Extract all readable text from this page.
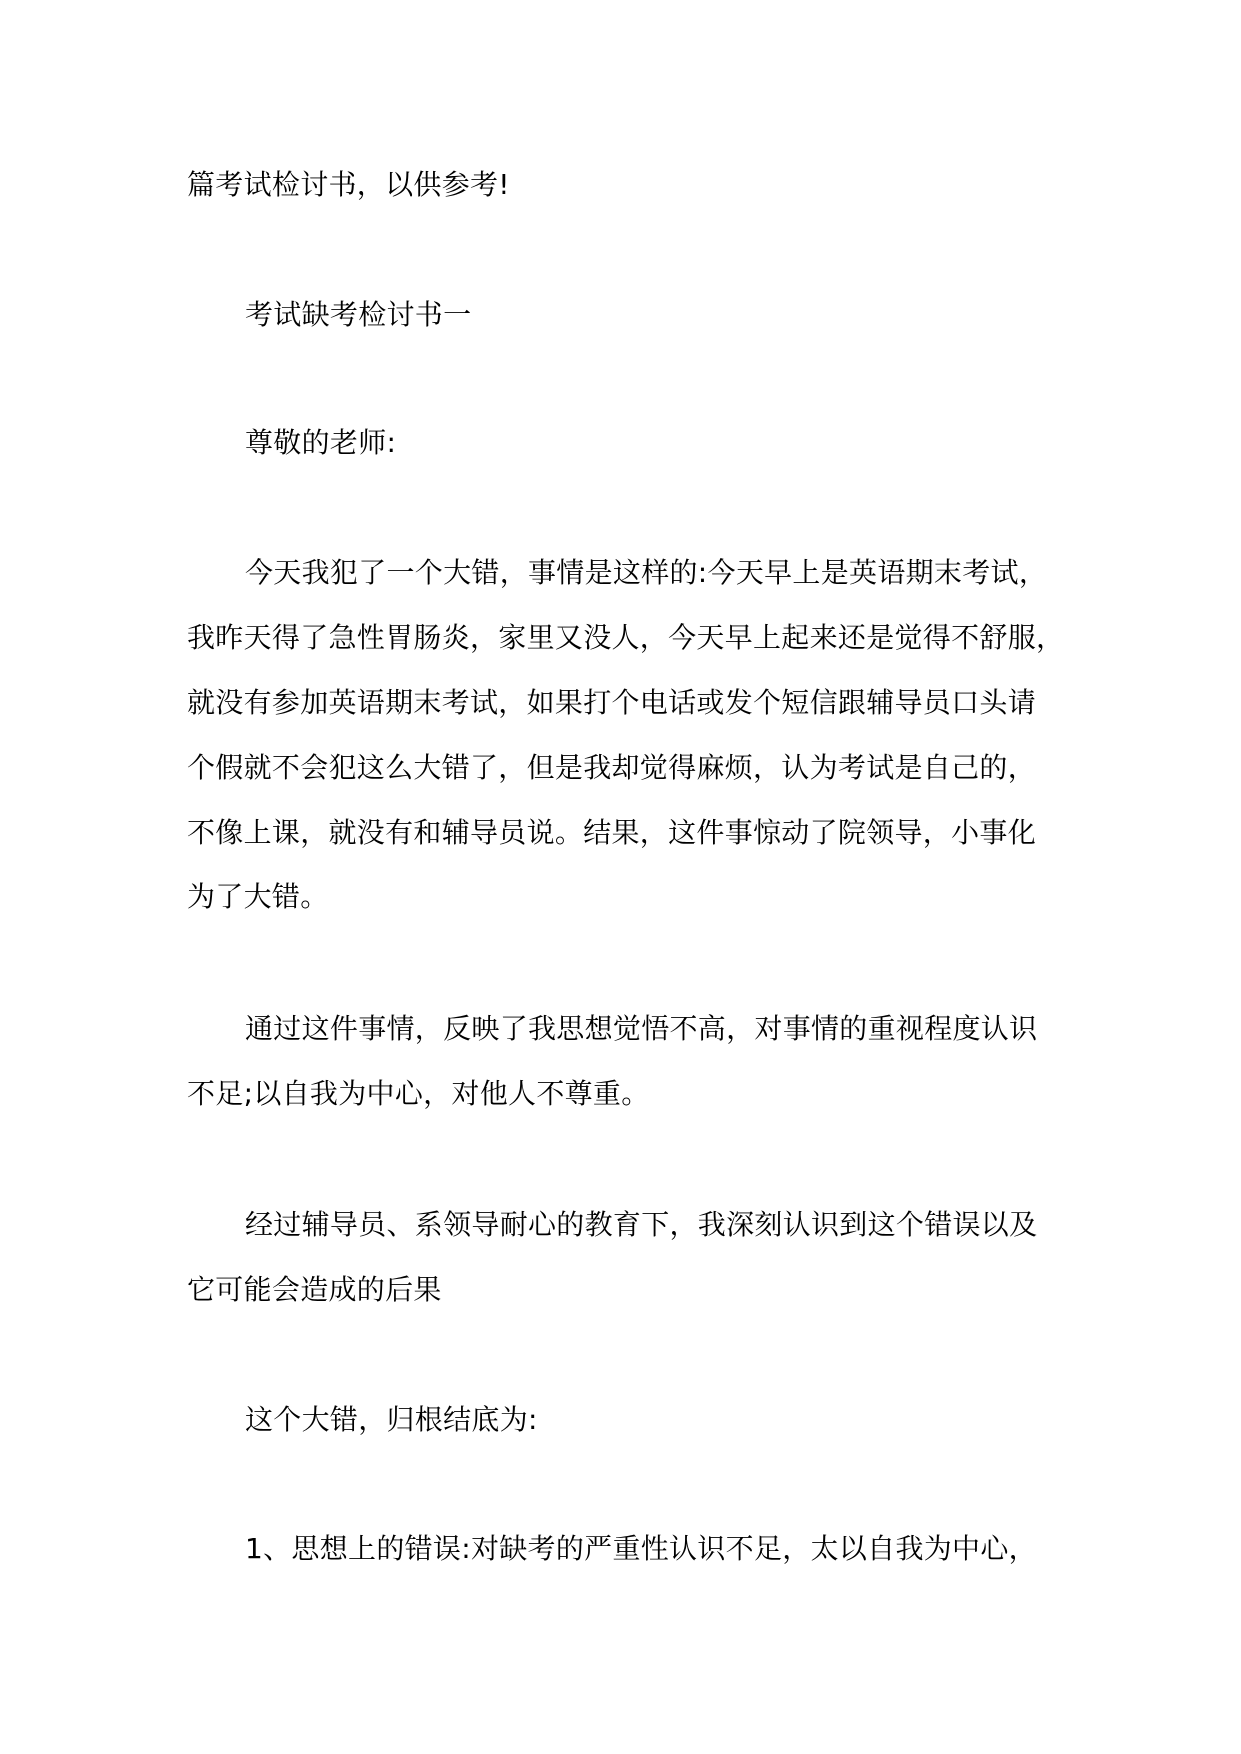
篇考试检讨书，以供参考!

考试缺考检讨书一

尊敬的老师:

今天我犯了一个大错，事情是这样的:今天早上是英语期末考试，

我昨天得了急性胃肠炎，家里又没人，今天早上起来还是觉得不舒服，

就没有参加英语期末考试，如果打个电话或发个短信跟辅导员口头请

个假就不会犯这么大错了，但是我却觉得麻烦，认为考试是自己的，

不像上课，就没有和辅导员说。结果，这件事惊动了院领导，小事化

为了大错。

通过这件事情，反映了我思想觉悟不高，对事情的重视程度认识

不足;以自我为中心，对他人不尊重。

经过辅导员、系领导耐心的教育下，我深刻认识到这个错误以及

它可能会造成的后果

这个大错，归根结底为:

1、思想上的错误:对缺考的严重性认识不足，太以自我为中心，
